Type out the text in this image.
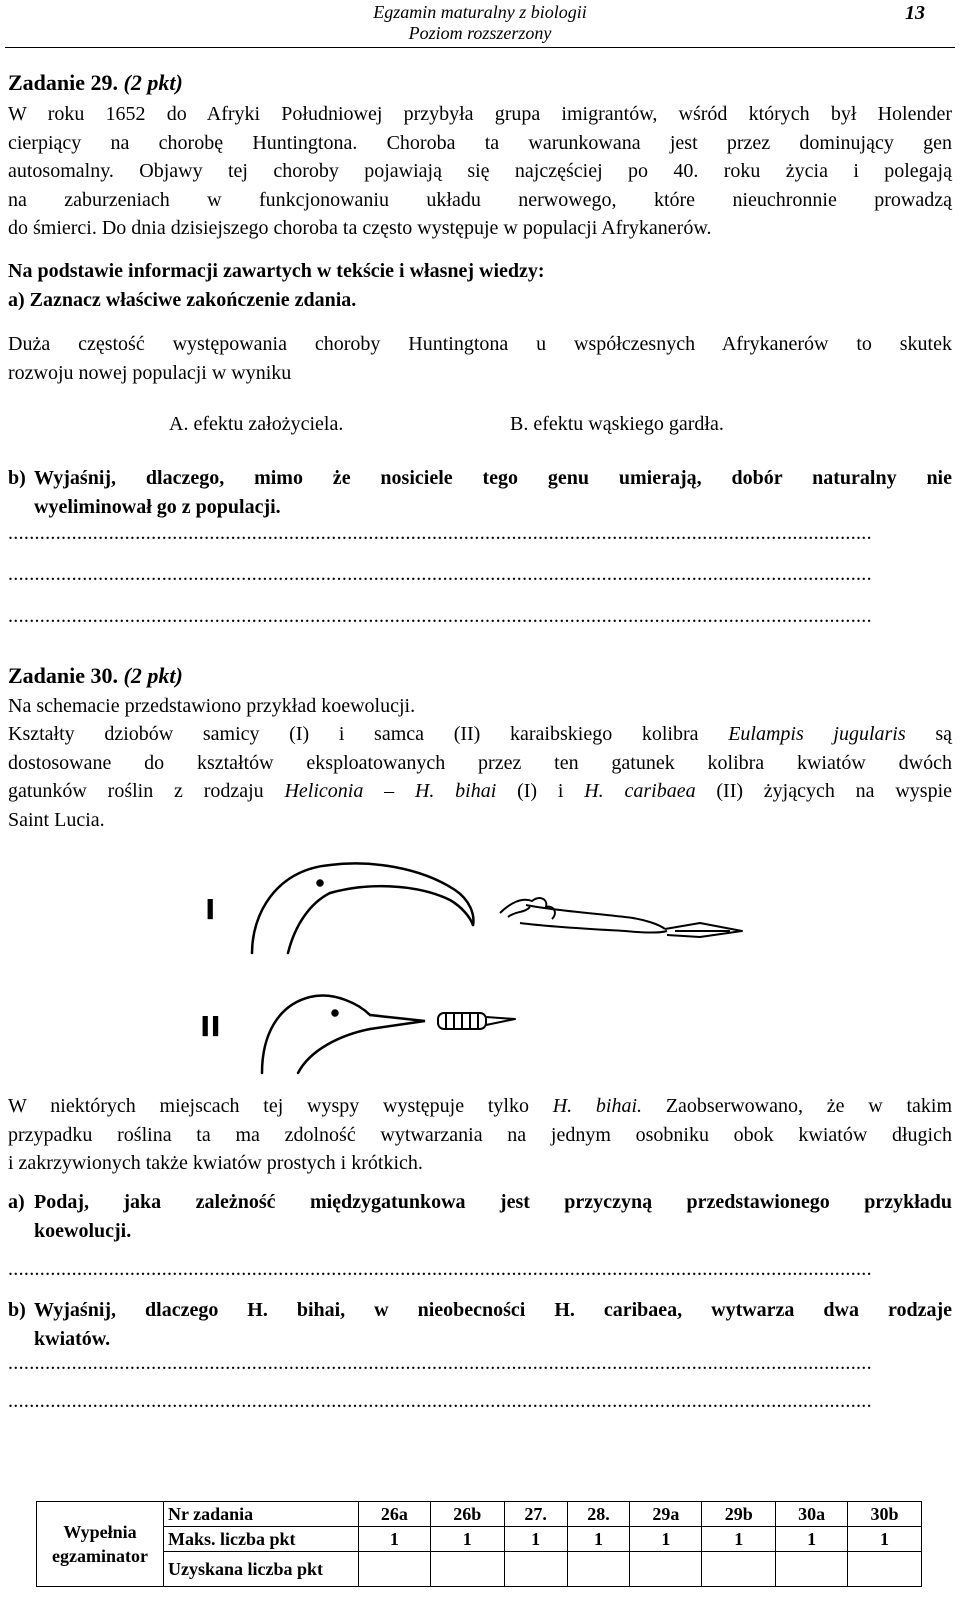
Egzamin maturalny z biologii
Poziom rozszerzony
13
Zadanie 29. (2 pkt)
W roku 1652 do Afryki Południowej przybyła grupa imigrantów, wśród których był Holender
cierpiący na chorobę Huntingtona. Choroba ta warunkowana jest przez dominujący gen
autosomalny. Objawy tej choroby pojawiają się najczęściej po 40. roku życia i polegają
na zaburzeniach w funkcjonowaniu układu nerwowego, które nieuchronnie prowadzą
do śmierci. Do dnia dzisiejszego choroba ta często występuje w populacji Afrykanerów.
Na podstawie informacji zawartych w tekście i własnej wiedzy:
a) Zaznacz właściwe zakończenie zdania.
Duża częstość występowania choroby Huntingtona u współczesnych Afrykanerów to skutek
rozwoju nowej populacji w wyniku
A. efektu założyciela.	B. efektu wąskiego gardła.
b) Wyjaśnij, dlaczego, mimo że nosiciele tego genu umierają, dobór naturalny nie
wyeliminował go z populacji.
...................................................................................................................................................................
...................................................................................................................................................................
...................................................................................................................................................................
Zadanie 30. (2 pkt)
Na schemacie przedstawiono przykład koewolucji.
Kształty dziobów samicy (I) i samca (II) karaibskiego kolibra Eulampis jugularis są
dostosowane do kształtów eksploatowanych przez ten gatunek kolibra kwiatów dwóch
gatunków roślin z rodzaju Heliconia – H. bihai (I) i H. caribaea (II) żyjących na wyspie
Saint Lucia.
I
II
W niektórych miejscach tej wyspy występuje tylko H. bihai. Zaobserwowano, że w takim
przypadku roślina ta ma zdolność wytwarzania na jednym osobniku obok kwiatów długich
i zakrzywionych także kwiatów prostych i krótkich.
a) Podaj, jaka zależność międzygatunkowa jest przyczyną przedstawionego przykładu
koewolucji.
...................................................................................................................................................................
b) Wyjaśnij, dlaczego H. bihai, w nieobecności H. caribaea, wytwarza dwa rodzaje
kwiatów.
...................................................................................................................................................................
...................................................................................................................................................................
Wypełnia
egzaminator	Nr zadania	26a	26b	27.	28.	29a	29b	30a	30b
	Maks. liczba pkt	1	1	1	1	1	1	1	1
	Uzyskana liczba pkt								
